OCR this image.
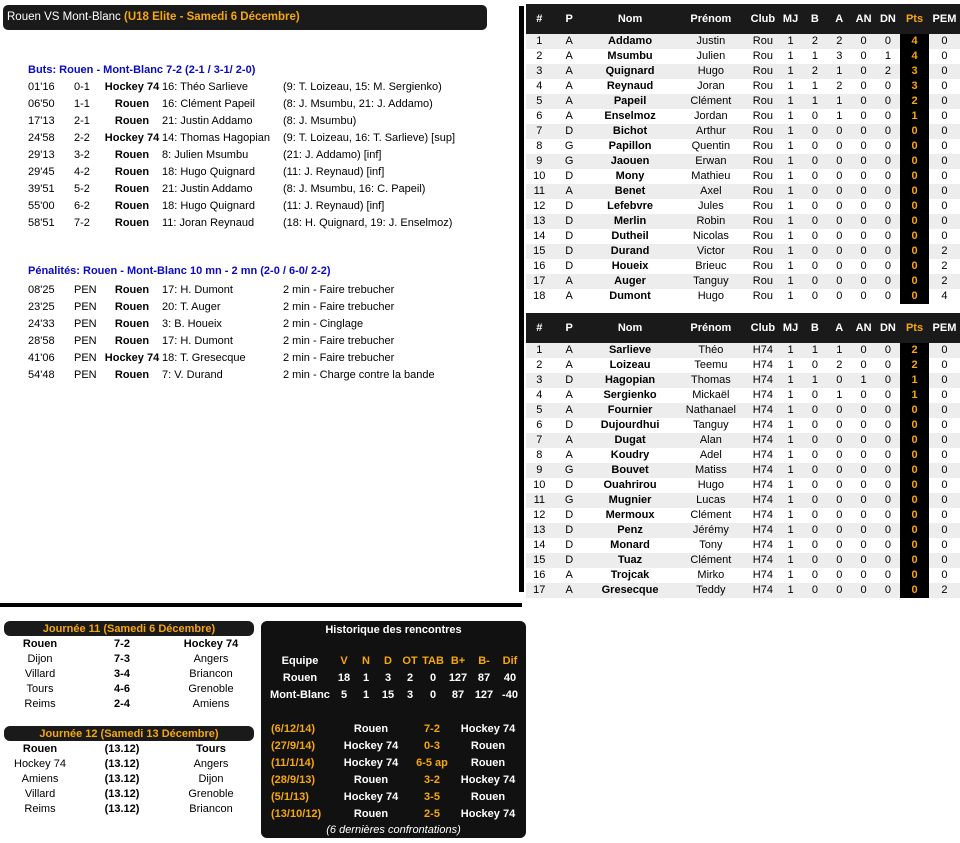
Rouen VS Mont-Blanc (U18 Elite - Samedi 6 Décembre)
Buts: Rouen - Mont-Blanc 7-2 (2-1 / 3-1/ 2-0)
01'16	0-1	Hockey 74	16: Théo Sarlieve	(9: T. Loizeau, 15: M. Sergienko)
06'50	1-1	Rouen	16: Clément Papeil	(8: J. Msumbu, 21: J. Addamo)
17'13	2-1	Rouen	21: Justin Addamo	(8: J. Msumbu)
24'58	2-2	Hockey 74	14: Thomas Hagopian	(9: T. Loizeau, 16: T. Sarlieve) [sup]
29'13	3-2	Rouen	8: Julien Msumbu	(21: J. Addamo) [inf]
29'45	4-2	Rouen	18: Hugo Quignard	(11: J. Reynaud) [inf]
39'51	5-2	Rouen	21: Justin Addamo	(8: J. Msumbu, 16: C. Papeil)
55'00	6-2	Rouen	18: Hugo Quignard	(11: J. Reynaud) [inf]
58'51	7-2	Rouen	11: Joran Reynaud	(18: H. Quignard, 19: J. Enselmoz)
Pénalités: Rouen - Mont-Blanc 10 mn - 2 mn (2-0 / 6-0/ 2-2)
08'25	PEN	Rouen	17: H. Dumont	2 min - Faire trebucher
23'25	PEN	Rouen	20: T. Auger	2 min - Faire trebucher
24'33	PEN	Rouen	3: B. Houeix	2 min - Cinglage
28'58	PEN	Rouen	17: H. Dumont	2 min - Faire trebucher
41'06	PEN	Hockey 74	18: T. Gresecque	2 min - Faire trebucher
54'48	PEN	Rouen	7: V. Durand	2 min - Charge contre la bande
#	P	Nom	Prénom	Club	MJ	B	A	AN	DN	Pts	PEM
1	A	Addamo	Justin	Rou	1	2	2	0	0	4	0
2	A	Msumbu	Julien	Rou	1	1	3	0	1	4	0
3	A	Quignard	Hugo	Rou	1	2	1	0	2	3	0
4	A	Reynaud	Joran	Rou	1	1	2	0	0	3	0
5	A	Papeil	Clément	Rou	1	1	1	0	0	2	0
6	A	Enselmoz	Jordan	Rou	1	0	1	0	0	1	0
7	D	Bichot	Arthur	Rou	1	0	0	0	0	0	0
8	G	Papillon	Quentin	Rou	1	0	0	0	0	0	0
9	G	Jaouen	Erwan	Rou	1	0	0	0	0	0	0
10	D	Mony	Mathieu	Rou	1	0	0	0	0	0	0
11	A	Benet	Axel	Rou	1	0	0	0	0	0	0
12	D	Lefebvre	Jules	Rou	1	0	0	0	0	0	0
13	D	Merlin	Robin	Rou	1	0	0	0	0	0	0
14	D	Dutheil	Nicolas	Rou	1	0	0	0	0	0	0
15	D	Durand	Victor	Rou	1	0	0	0	0	0	2
16	D	Houeix	Brieuc	Rou	1	0	0	0	0	0	2
17	A	Auger	Tanguy	Rou	1	0	0	0	0	0	2
18	A	Dumont	Hugo	Rou	1	0	0	0	0	0	4
#	P	Nom	Prénom	Club	MJ	B	A	AN	DN	Pts	PEM
1	A	Sarlieve	Théo	H74	1	1	1	0	0	2	0
2	A	Loizeau	Teemu	H74	1	0	2	0	0	2	0
3	D	Hagopian	Thomas	H74	1	1	0	1	0	1	0
4	A	Sergienko	Mickaël	H74	1	0	1	0	0	1	0
5	A	Fournier	Nathanael	H74	1	0	0	0	0	0	0
6	D	Dujourdhui	Tanguy	H74	1	0	0	0	0	0	0
7	A	Dugat	Alan	H74	1	0	0	0	0	0	0
8	A	Koudry	Adel	H74	1	0	0	0	0	0	0
9	G	Bouvet	Matiss	H74	1	0	0	0	0	0	0
10	D	Ouahrirou	Hugo	H74	1	0	0	0	0	0	0
11	G	Mugnier	Lucas	H74	1	0	0	0	0	0	0
12	D	Mermoux	Clément	H74	1	0	0	0	0	0	0
13	D	Penz	Jérémy	H74	1	0	0	0	0	0	0
14	D	Monard	Tony	H74	1	0	0	0	0	0	0
15	D	Tuaz	Clément	H74	1	0	0	0	0	0	0
16	A	Trojcak	Mirko	H74	1	0	0	0	0	0	0
17	A	Gresecque	Teddy	H74	1	0	0	0	0	0	2
Journée 11 (Samedi 6 Décembre)		
Rouen	7-2	Hockey 74
Dijon	7-3	Angers
Villard	3-4	Briancon
Tours	4-6	Grenoble
Reims	2-4	Amiens
Journée 12 (Samedi 13 Décembre)		
Rouen	(13.12)	Tours
Hockey 74	(13.12)	Angers
Amiens	(13.12)	Dijon
Villard	(13.12)	Grenoble
Reims	(13.12)	Briancon
Historique des rencontres
Equipe	V	N	D	OT	TAB	B+	B-	Dif
Rouen	18	1	3	2	0	127	87	40
Mont-Blanc	5	1	15	3	0	87	127	-40
(6/12/14)	Rouen	7-2	Hockey 74
(27/9/14)	Hockey 74	0-3	Rouen
(11/1/14)	Hockey 74	6-5 ap	Rouen
(28/9/13)	Rouen	3-2	Hockey 74
(5/1/13)	Hockey 74	3-5	Rouen
(13/10/12)	Rouen	2-5	Hockey 74
(6 dernières confrontations)
